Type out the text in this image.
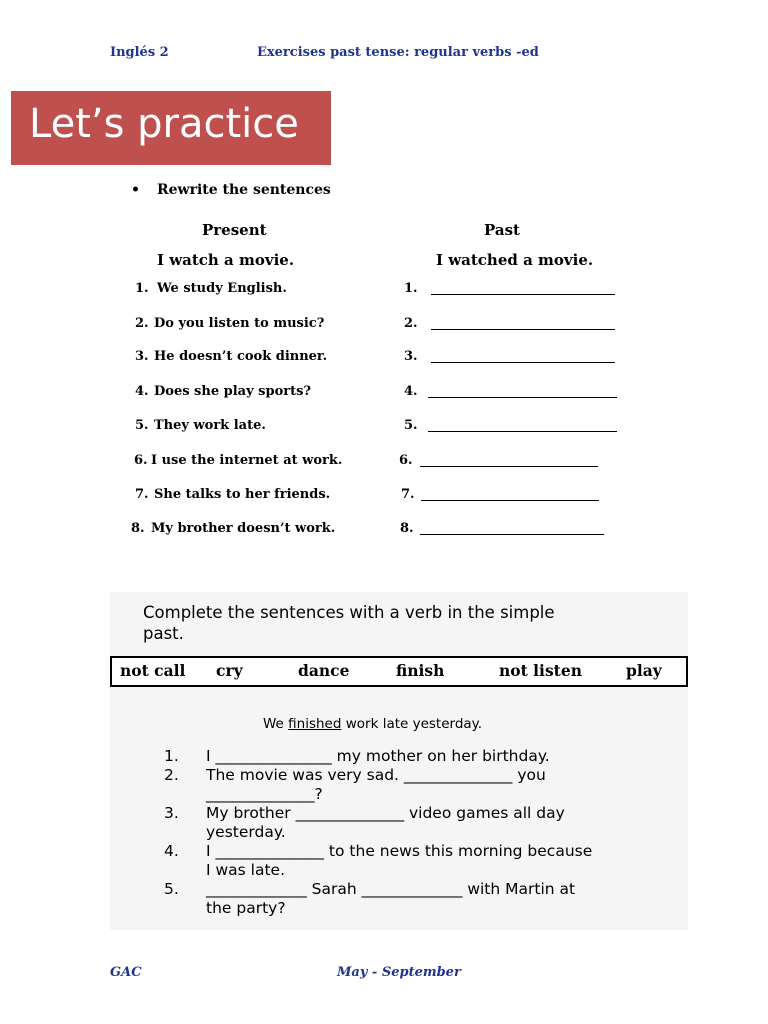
Inglés 2	Exercises past tense: regular verbs -ed
Let’s practice
• Rewrite the sentences
Present	Past
I watch a movie.	I watched a movie.
1. We study English.	1.
2. Do you listen to music?	2.
3. He doesn’t cook dinner.	3.
4. Does she play sports?	4.
5. They work late.	5.
6. I use the internet at work.	6.
7. She talks to her friends.	7.
8. My brother doesn’t work.	8.
Complete the sentences with a verb in the simple
past.
not call cry	dance	finish	not listen	play
We finished work late yesterday.
1. I _______________ my mother on her birthday.
2. The movie was very sad. ______________ you
______________?
3. My brother ______________ video games all day
yesterday.
4. I ______________ to the news this morning because
I was late.
5. _____________ Sarah _____________ with Martin at
the party?
GAC	May - September
